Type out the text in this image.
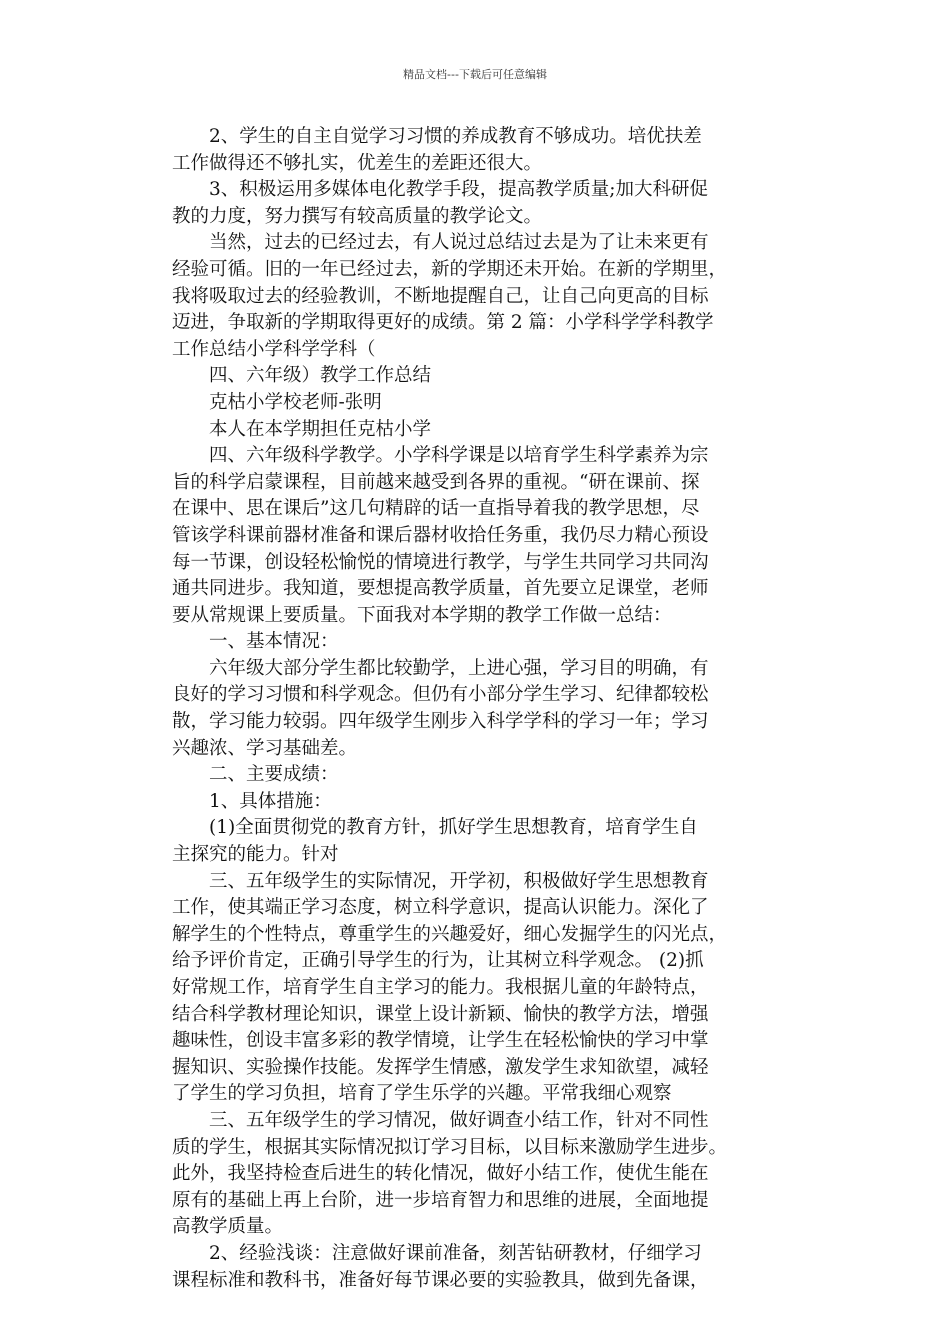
精品文档---下载后可任意编辑
2、学生的自主自觉学习习惯的养成教育不够成功。培优扶差
工作做得还不够扎实，优差生的差距还很大。
3、积极运用多媒体电化教学手段，提高教学质量;加大科研促
教的力度，努力撰写有较高质量的教学论文。
当然，过去的已经过去，有人说过总结过去是为了让未来更有
经验可循。旧的一年已经过去，新的学期还未开始。在新的学期里，
我将吸取过去的经验教训，不断地提醒自己，让自己向更高的目标
迈进，争取新的学期取得更好的成绩。第 2 篇：小学科学学科教学
工作总结小学科学学科（
四、六年级）教学工作总结
克枯小学校老师-张明
本人在本学期担任克枯小学
四、六年级科学教学。小学科学课是以培育学生科学素养为宗
旨的科学启蒙课程，目前越来越受到各界的重视。“研在课前、探
在课中、思在课后”这几句精辟的话一直指导着我的教学思想，尽
管该学科课前器材准备和课后器材收拾任务重，我仍尽力精心预设
每一节课，创设轻松愉悦的情境进行教学，与学生共同学习共同沟
通共同进步。我知道，要想提高教学质量，首先要立足课堂，老师
要从常规课上要质量。下面我对本学期的教学工作做一总结：
一、基本情况：
六年级大部分学生都比较勤学，上进心强，学习目的明确，有
良好的学习习惯和科学观念。但仍有小部分学生学习、纪律都较松
散，学习能力较弱。四年级学生刚步入科学学科的学习一年；学习
兴趣浓、学习基础差。
二、主要成绩：
1、具体措施：
(1)全面贯彻党的教育方针，抓好学生思想教育，培育学生自
主探究的能力。针对
三、五年级学生的实际情况，开学初，积极做好学生思想教育
工作，使其端正学习态度，树立科学意识，提高认识能力。深化了
解学生的个性特点，尊重学生的兴趣爱好，细心发掘学生的闪光点，
给予评价肯定，正确引导学生的行为，让其树立科学观念。 (2)抓
好常规工作，培育学生自主学习的能力。我根据儿童的年龄特点，
结合科学教材理论知识，课堂上设计新颖、愉快的教学方法，增强
趣味性，创设丰富多彩的教学情境，让学生在轻松愉快的学习中掌
握知识、实验操作技能。发挥学生情感，激发学生求知欲望，减轻
了学生的学习负担，培育了学生乐学的兴趣。平常我细心观察
三、五年级学生的学习情况，做好调查小结工作，针对不同性
质的学生，根据其实际情况拟订学习目标，以目标来激励学生进步。
此外，我坚持检查后进生的转化情况，做好小结工作，使优生能在
原有的基础上再上台阶，进一步培育智力和思维的进展，全面地提
高教学质量。
2、经验浅谈：注意做好课前准备，刻苦钻研教材，仔细学习
课程标准和教科书，准备好每节课必要的实验教具，做到先备课，
